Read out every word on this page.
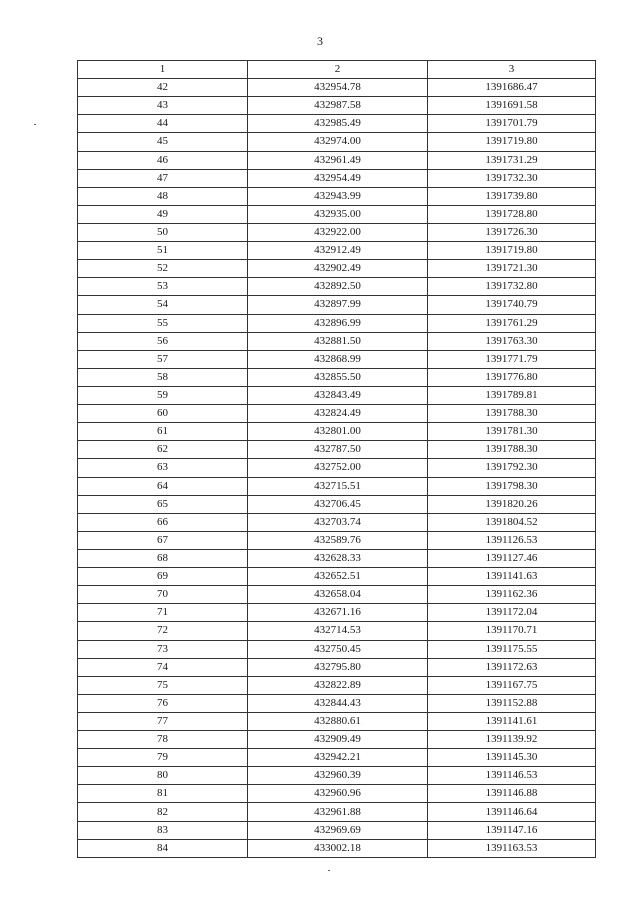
3
1	2	3
42	432954.78	1391686.47
43	432987.58	1391691.58
44	432985.49	1391701.79
45	432974.00	1391719.80
46	432961.49	1391731.29
47	432954.49	1391732.30
48	432943.99	1391739.80
49	432935.00	1391728.80
50	432922.00	1391726.30
51	432912.49	1391719.80
52	432902.49	1391721.30
53	432892.50	1391732.80
54	432897.99	1391740.79
55	432896.99	1391761.29
56	432881.50	1391763.30
57	432868.99	1391771.79
58	432855.50	1391776.80
59	432843.49	1391789.81
60	432824.49	1391788.30
61	432801.00	1391781.30
62	432787.50	1391788.30
63	432752.00	1391792.30
64	432715.51	1391798.30
65	432706.45	1391820.26
66	432703.74	1391804.52
67	432589.76	1391126.53
68	432628.33	1391127.46
69	432652.51	1391141.63
70	432658.04	1391162.36
71	432671.16	1391172.04
72	432714.53	1391170.71
73	432750.45	1391175.55
74	432795.80	1391172.63
75	432822.89	1391167.75
76	432844.43	1391152.88
77	432880.61	1391141.61
78	432909.49	1391139.92
79	432942.21	1391145.30
80	432960.39	1391146.53
81	432960.96	1391146.88
82	432961.88	1391146.64
83	432969.69	1391147.16
84	433002.18	1391163.53
